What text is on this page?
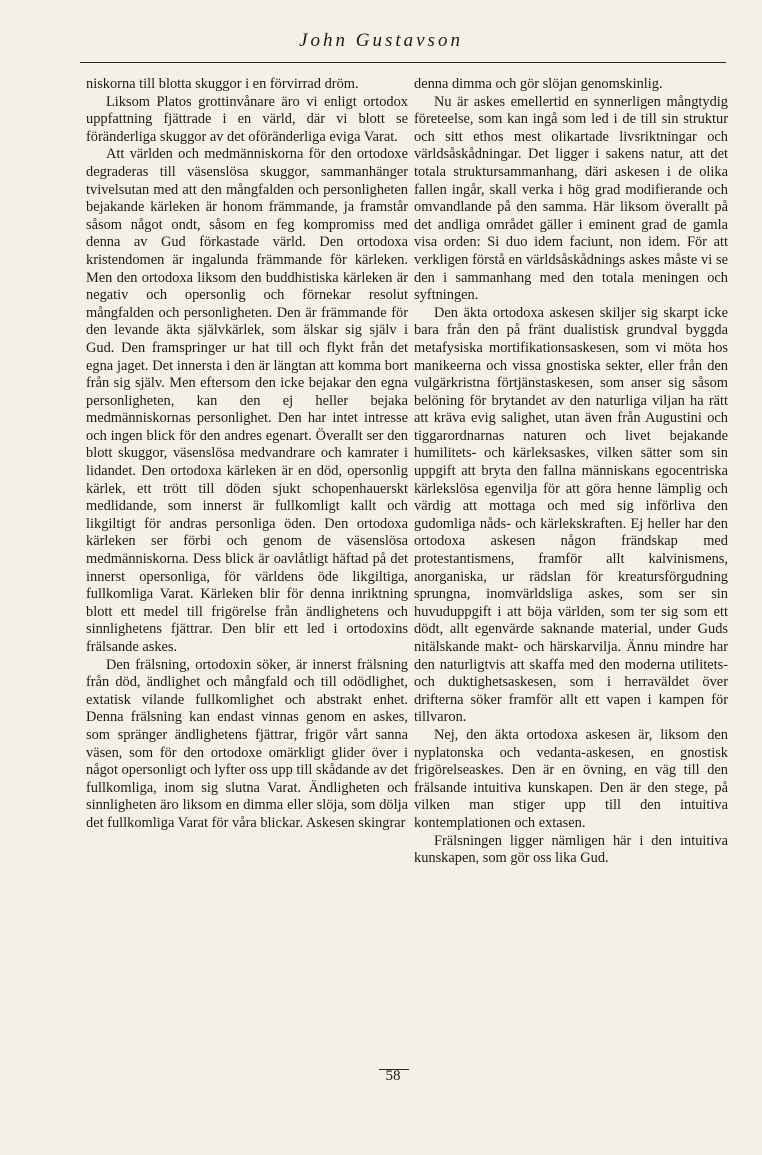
John Gustavson

niskorna till blotta skuggor i en förvirrad dröm.

Liksom Platos grottinvånare äro vi enligt ortodox uppfattning fjättrade i en värld, där vi blott se föränderliga skuggor av det oföränderliga eviga Varat.

Att världen och medmänniskorna för den ortodoxe degraderas till väsenslösa skuggor, sammanhänger tvivelsutan med att den mångfalden och personligheten bejakande kärleken är honom främmande, ja framstår såsom något ondt, såsom en feg kompromiss med denna av Gud förkastade värld. Den ortodoxa kristendomen är ingalunda främmande för kärleken. Men den ortodoxa liksom den buddhistiska kärleken är negativ och opersonlig och förnekar resolut mångfalden och personligheten. Den är främmande för den levande äkta självkärlek, som älskar sig själv i Gud. Den framspringer ur hat till och flykt från det egna jaget. Det innersta i den är längtan att komma bort från sig själv. Men eftersom den icke bejakar den egna personligheten, kan den ej heller bejaka medmänniskornas personlighet. Den har intet intresse och ingen blick för den andres egenart. Överallt ser den blott skuggor, väsenslösa medvandrare och kamrater i lidandet. Den ortodoxa kärleken är en död, opersonlig kärlek, ett trött till döden sjukt schopenhauerskt medlidande, som innerst är fullkomligt kallt och likgiltigt för andras personliga öden. Den ortodoxa kärleken ser förbi och genom de väsenslösa medmänniskorna. Dess blick är oavlåtligt häftad på det innerst opersonliga, för världens öde likgiltiga, fullkomliga Varat. Kärleken blir för denna inriktning blott ett medel till frigörelse från ändlighetens och sinnlighetens fjättrar. Den blir ett led i ortodoxins frälsande askes.

Den frälsning, ortodoxin söker, är innerst frälsning från död, ändlighet och mångfald och till odödlighet, extatisk vilande fullkomlighet och abstrakt enhet. Denna frälsning kan endast vinnas genom en askes, som spränger ändlighetens fjättrar, frigör vårt sanna väsen, som för den ortodoxe omärkligt glider över i något opersonligt och lyfter oss upp till skådande av det fullkomliga, inom sig slutna Varat. Ändligheten och sinnligheten äro liksom en dimma eller slöja, som dölja det fullkomliga Varat för våra blickar. Askesen skingrar

denna dimma och gör slöjan genomskinlig.

Nu är askes emellertid en synnerligen mångtydig företeelse, som kan ingå som led i de till sin struktur och sitt ethos mest olikartade livsriktningar och världsåskådningar. Det ligger i sakens natur, att det totala struktursammanhang, däri askesen i de olika fallen ingår, skall verka i hög grad modifierande och omvandlande på den samma. Här liksom överallt på det andliga området gäller i eminent grad de gamla visa orden: Si duo idem faciunt, non idem. För att verkligen förstå en världsåskådnings askes måste vi se den i sammanhang med den totala meningen och syftningen.

Den äkta ortodoxa askesen skiljer sig skarpt icke bara från den på fränt dualistisk grundval byggda metafysiska mortifikationsaskesen, som vi möta hos manikeerna och vissa gnostiska sekter, eller från den vulgärkristna förtjänstaskesen, som anser sig såsom belöning för brytandet av den naturliga viljan ha rätt att kräva evig salighet, utan även från Augustini och tiggarordnarnas naturen och livet bejakande humilitets- och kärleksaskes, vilken sätter som sin uppgift att bryta den fallna människans egocentriska kärlekslösa egenvilja för att göra henne lämplig och värdig att mottaga och med sig införliva den gudomliga nåds- och kärlekskraften. Ej heller har den ortodoxa askesen någon frändskap med protestantismens, framför allt kalvinismens, anorganiska, ur rädslan för kreatursförgudning sprungna, inomvärldsliga askes, som ser sin huvuduppgift i att böja världen, som ter sig som ett dödt, allt egenvärde saknande material, under Guds nitälskande makt- och härskarvilja. Ännu mindre har den naturligtvis att skaffa med den moderna utilitets- och duktighetsaskesen, som i herraväldet över drifterna söker framför allt ett vapen i kampen för tillvaron.

Nej, den äkta ortodoxa askesen är, liksom den nyplatonska och vedanta-askesen, en gnostisk frigörelseaskes. Den är en övning, en väg till den frälsande intuitiva kunskapen. Den är den stege, på vilken man stiger upp till den intuitiva kontemplationen och extasen.

Frälsningen ligger nämligen här i den intuitiva kunskapen, som gör oss lika Gud.

58
